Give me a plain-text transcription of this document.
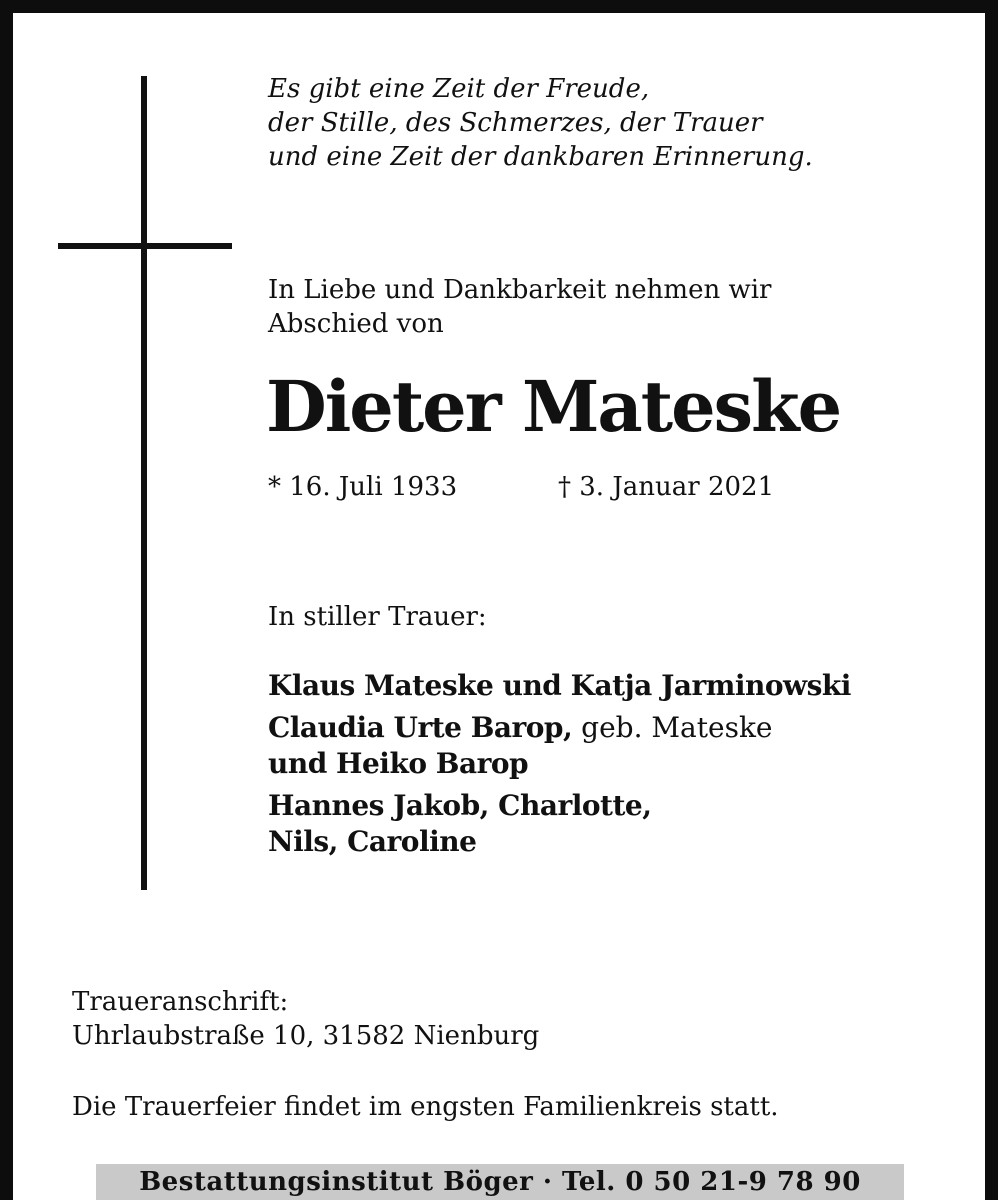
Es gibt eine Zeit der Freude,
der Stille, des Schmerzes, der Trauer
und eine Zeit der dankbaren Erinnerung.
In Liebe und Dankbarkeit nehmen wir
Abschied von
Dieter Mateske
* 16. Juli 1933	† 3. Januar 2021
In stiller Trauer:
Klaus Mateske und Katja Jarminowski
Claudia Urte Barop, geb. Mateske
und Heiko Barop
Hannes Jakob, Charlotte,
Nils, Caroline
Traueranschrift:
Uhrlaubstraße 10, 31582 Nienburg
Die Trauerfeier findet im engsten Familienkreis statt.
Bestattungsinstitut Böger · Tel. 0 50 21-9 78 90
